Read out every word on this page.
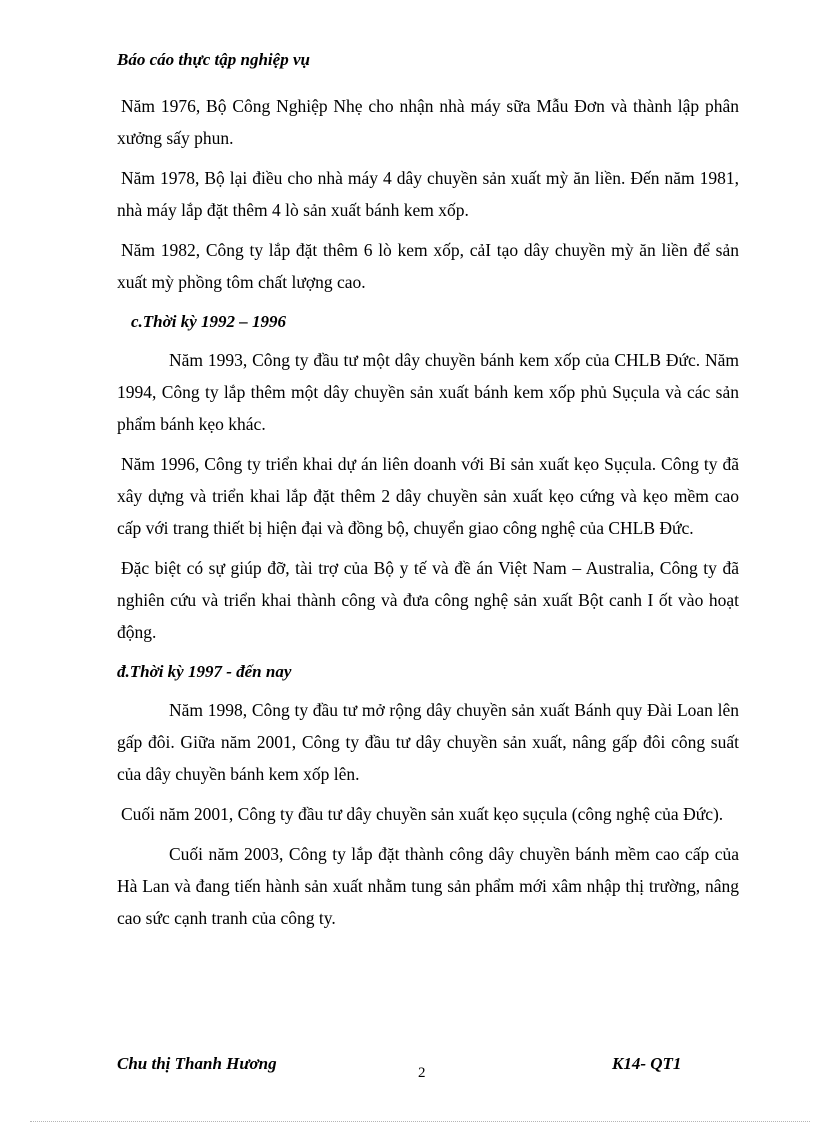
Báo cáo thực tập nghiệp vụ

Năm 1976, Bộ Công Nghiệp Nhẹ cho nhận nhà máy sữa Mẫu Đơn và thành lập phân xưởng sấy phun.

Năm 1978, Bộ lại điều cho nhà máy 4 dây chuyền sản xuất mỳ ăn liền. Đến năm 1981, nhà máy lắp đặt thêm 4 lò sản xuất bánh kem xốp.

Năm 1982, Công ty lắp đặt thêm 6 lò kem xốp, cảI tạo dây chuyền mỳ ăn liền để sản xuất mỳ phồng tôm chất lượng cao.

c.Thời kỳ 1992 – 1996

Năm 1993, Công ty đầu tư một dây chuyền bánh kem xốp của CHLB Đức. Năm 1994, Công ty lắp thêm một dây chuyền sản xuất bánh kem xốp phủ Sục̣ula và các sản phẩm bánh kẹo khác.

Năm 1996, Công ty triển khai dự án liên doanh với Bỉ sản xuất kẹo Sục̣ula. Công ty đã xây dựng và triển khai lắp đặt thêm 2 dây chuyền sản xuất kẹo cứng và kẹo mềm cao cấp với trang thiết bị hiện đại và đồng bộ, chuyển giao công nghệ của CHLB Đức.

Đặc biệt có sự giúp đỡ, tài trợ của Bộ y tế và đề án Việt Nam – Australia, Công ty đã nghiên cứu và triển khai thành công và đưa công nghệ sản xuất Bột canh I ốt vào hoạt động.

đ.Thời kỳ 1997 - đến nay

Năm 1998, Công ty đầu tư mở rộng dây chuyền sản xuất Bánh quy Đài Loan lên gấp đôi. Giữa năm 2001, Công ty đầu tư dây chuyền sản xuất, nâng gấp đôi công suất của dây chuyền bánh kem xốp lên.

Cuối năm 2001, Công ty đầu tư dây chuyền sản xuất kẹo sục̣ula (công nghệ của Đức).

Cuối năm 2003, Công ty lắp đặt thành công dây chuyền bánh mềm cao cấp của Hà Lan và đang tiến hành sản xuất nhằm tung sản phẩm mới xâm nhập thị trường, nâng cao sức cạnh tranh của công ty.

Chu thị Thanh Hương	2	K14- QT1
